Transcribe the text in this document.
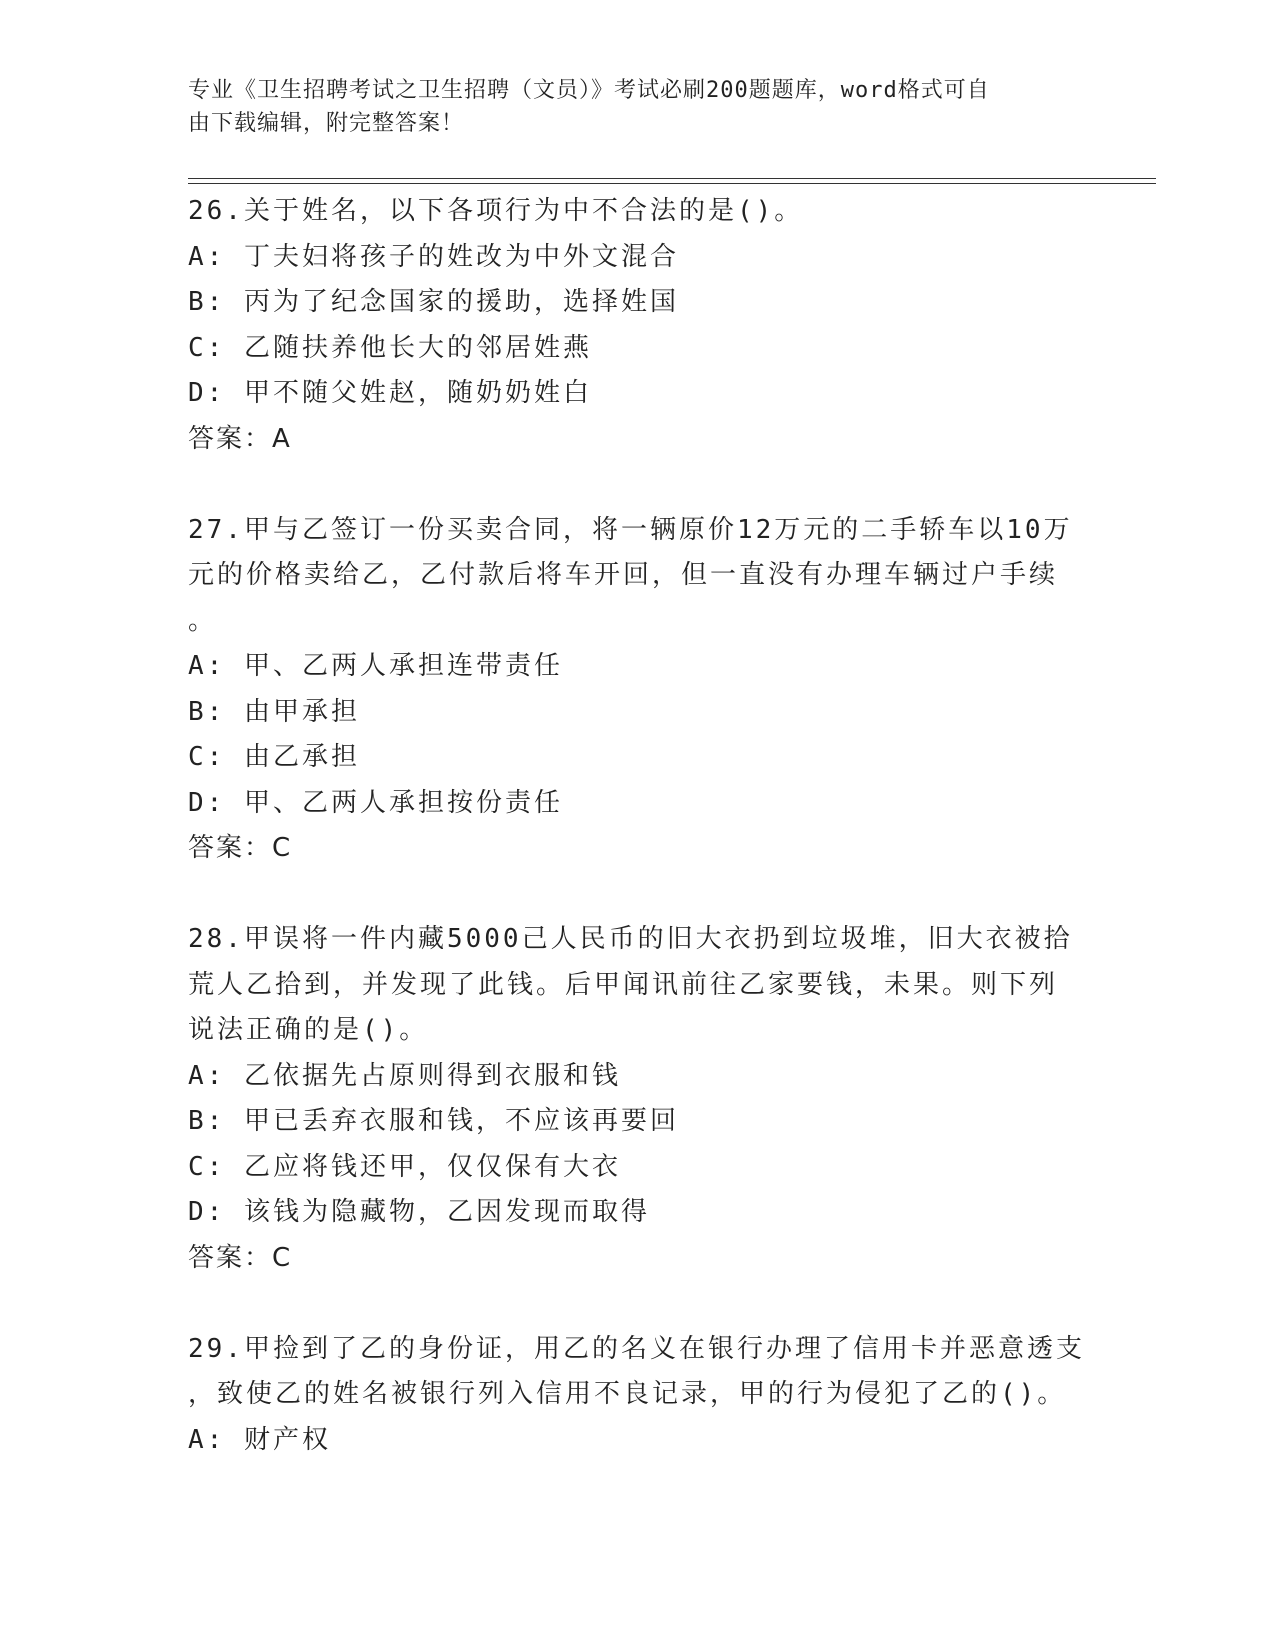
专业《卫生招聘考试之卫生招聘（文员）》考试必刷200题题库，word格式可自
由下载编辑，附完整答案！
26.关于姓名，以下各项行为中不合法的是()。
A: 丁夫妇将孩子的姓改为中外文混合
B: 丙为了纪念国家的援助，选择姓国
C: 乙随扶养他长大的邻居姓燕
D: 甲不随父姓赵，随奶奶姓白
答案：A
27.甲与乙签订一份买卖合同，将一辆原价12万元的二手轿车以10万
元的价格卖给乙，乙付款后将车开回，但一直没有办理车辆过户手续
。
A: 甲、乙两人承担连带责任
B: 由甲承担
C: 由乙承担
D: 甲、乙两人承担按份责任
答案：C
28.甲误将一件内藏5000己人民币的旧大衣扔到垃圾堆，旧大衣被拾
荒人乙拾到，并发现了此钱。后甲闻讯前往乙家要钱，未果。则下列
说法正确的是()。
A: 乙依据先占原则得到衣服和钱
B: 甲已丢弃衣服和钱，不应该再要回
C: 乙应将钱还甲，仅仅保有大衣
D: 该钱为隐藏物，乙因发现而取得
答案：C
29.甲捡到了乙的身份证，用乙的名义在银行办理了信用卡并恶意透支
，致使乙的姓名被银行列入信用不良记录，甲的行为侵犯了乙的()。
A: 财产权
